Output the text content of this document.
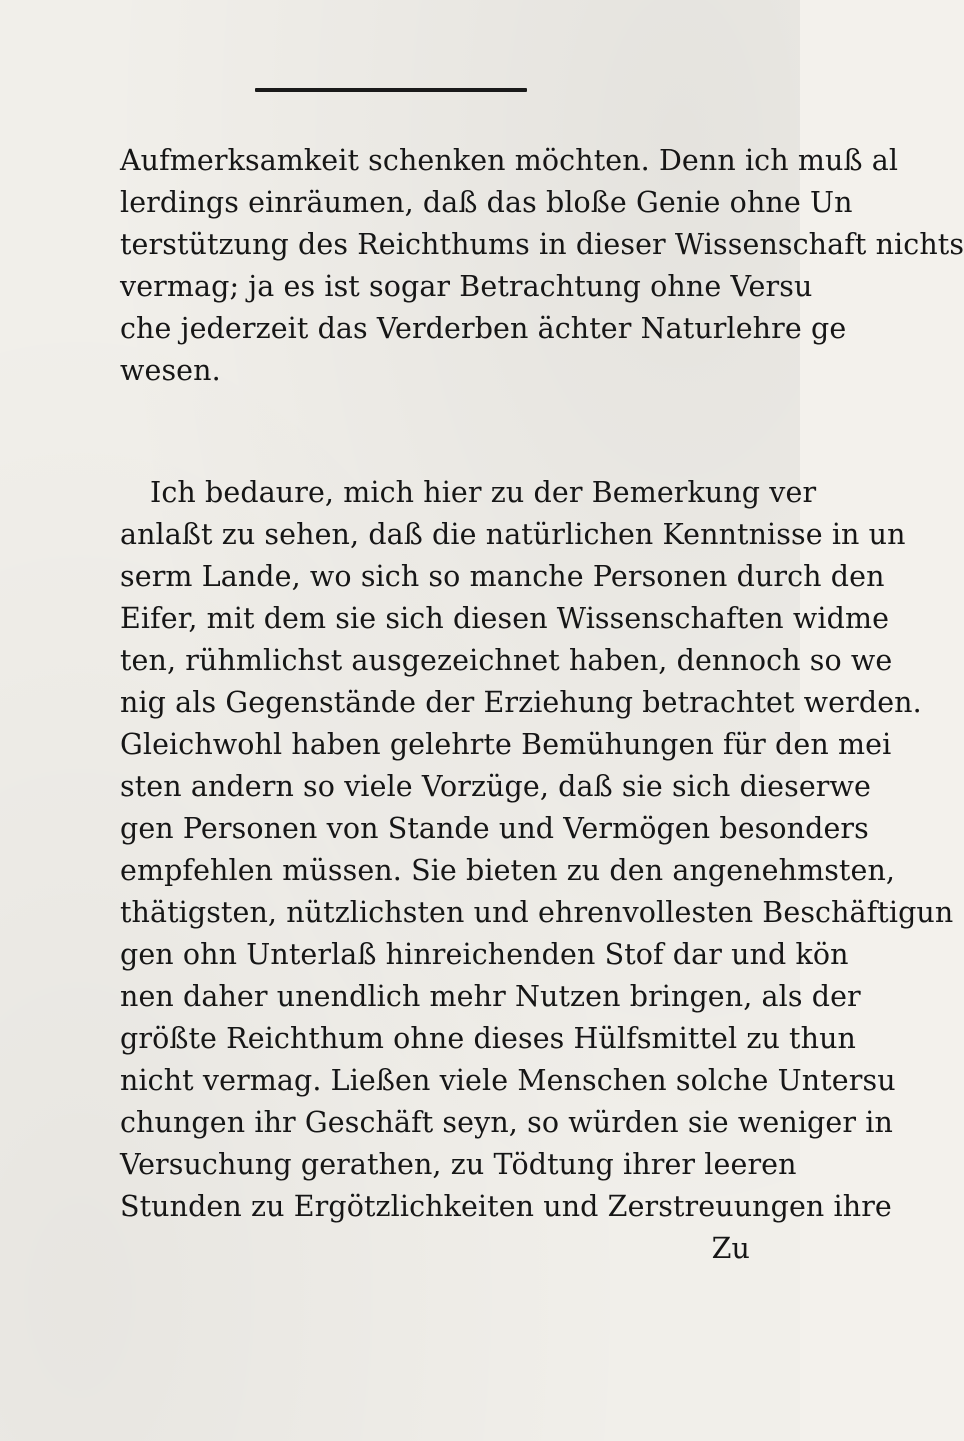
Aufmerksamkeit schenken möchten. Denn ich muß al
lerdings einräumen, daß das bloße Genie ohne Un
terstützung des Reichthums in dieser Wissenschaft nichts
vermag; ja es ist sogar Betrachtung ohne Versu
che jederzeit das Verderben ächter Naturlehre ge
wesen.
Ich bedaure, mich hier zu der Bemerkung ver
anlaßt zu sehen, daß die natürlichen Kenntnisse in un
serm Lande, wo sich so manche Personen durch den
Eifer, mit dem sie sich diesen Wissenschaften widme
ten, rühmlichst ausgezeichnet haben, dennoch so we
nig als Gegenstände der Erziehung betrachtet werden.
Gleichwohl haben gelehrte Bemühungen für den mei
sten andern so viele Vorzüge, daß sie sich dieserwe
gen Personen von Stande und Vermögen besonders
empfehlen müssen. Sie bieten zu den angenehmsten,
thätigsten, nützlichsten und ehrenvollesten Beschäftigun
gen ohn Unterlaß hinreichenden Stof dar und kön
nen daher unendlich mehr Nutzen bringen, als der
größte Reichthum ohne dieses Hülfsmittel zu thun
nicht vermag. Ließen viele Menschen solche Untersu
chungen ihr Geschäft seyn, so würden sie weniger in
Versuchung gerathen, zu Tödtung ihrer leeren
Stunden zu Ergötzlichkeiten und Zerstreuungen ihre
Zu
